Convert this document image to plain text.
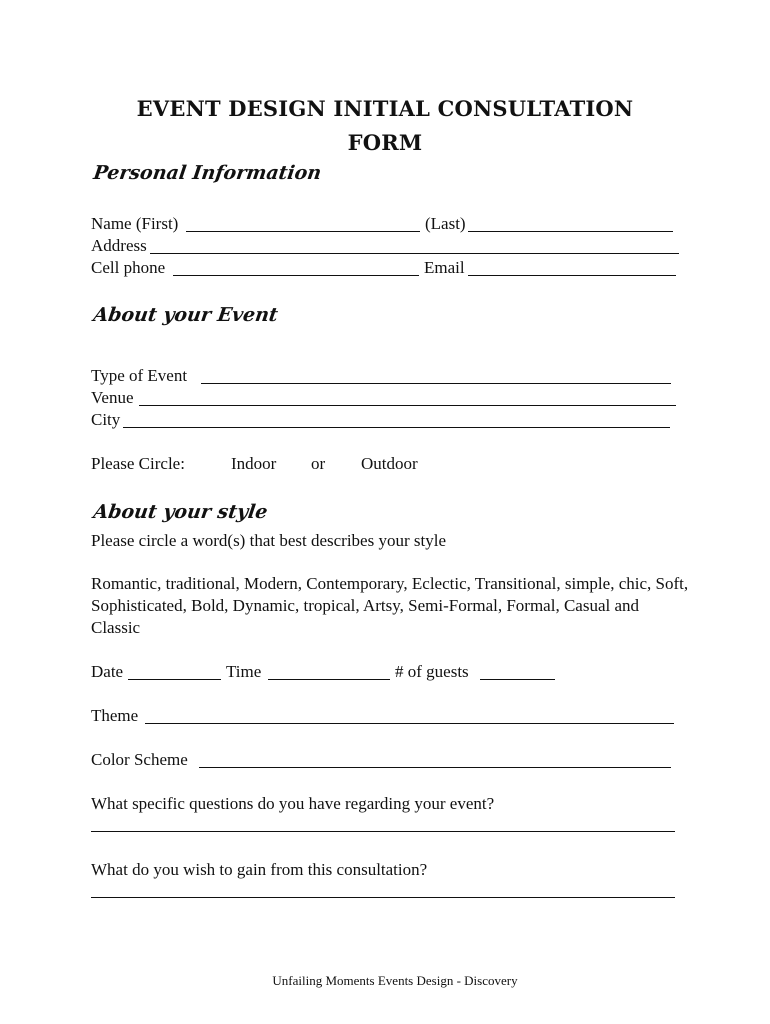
EVENT DESIGN INITIAL CONSULTATION
FORM
Personal Information
Name (First)	(Last)
Address
Cell phone	Email
About your Event
Type of Event
Venue
City
Please Circle:	Indoor or Outdoor
About your style
Please circle a word(s) that best describes your style
Romantic, traditional, Modern, Contemporary, Eclectic, Transitional, simple, chic, Soft, Sophisticated, Bold, Dynamic, tropical, Artsy, Semi-Formal, Formal, Casual and Classic
Date	Time	# of guests
Theme
Color Scheme
What specific questions do you have regarding your event?
What do you wish to gain from this consultation?
Unfailing Moments Events Design - Discovery
